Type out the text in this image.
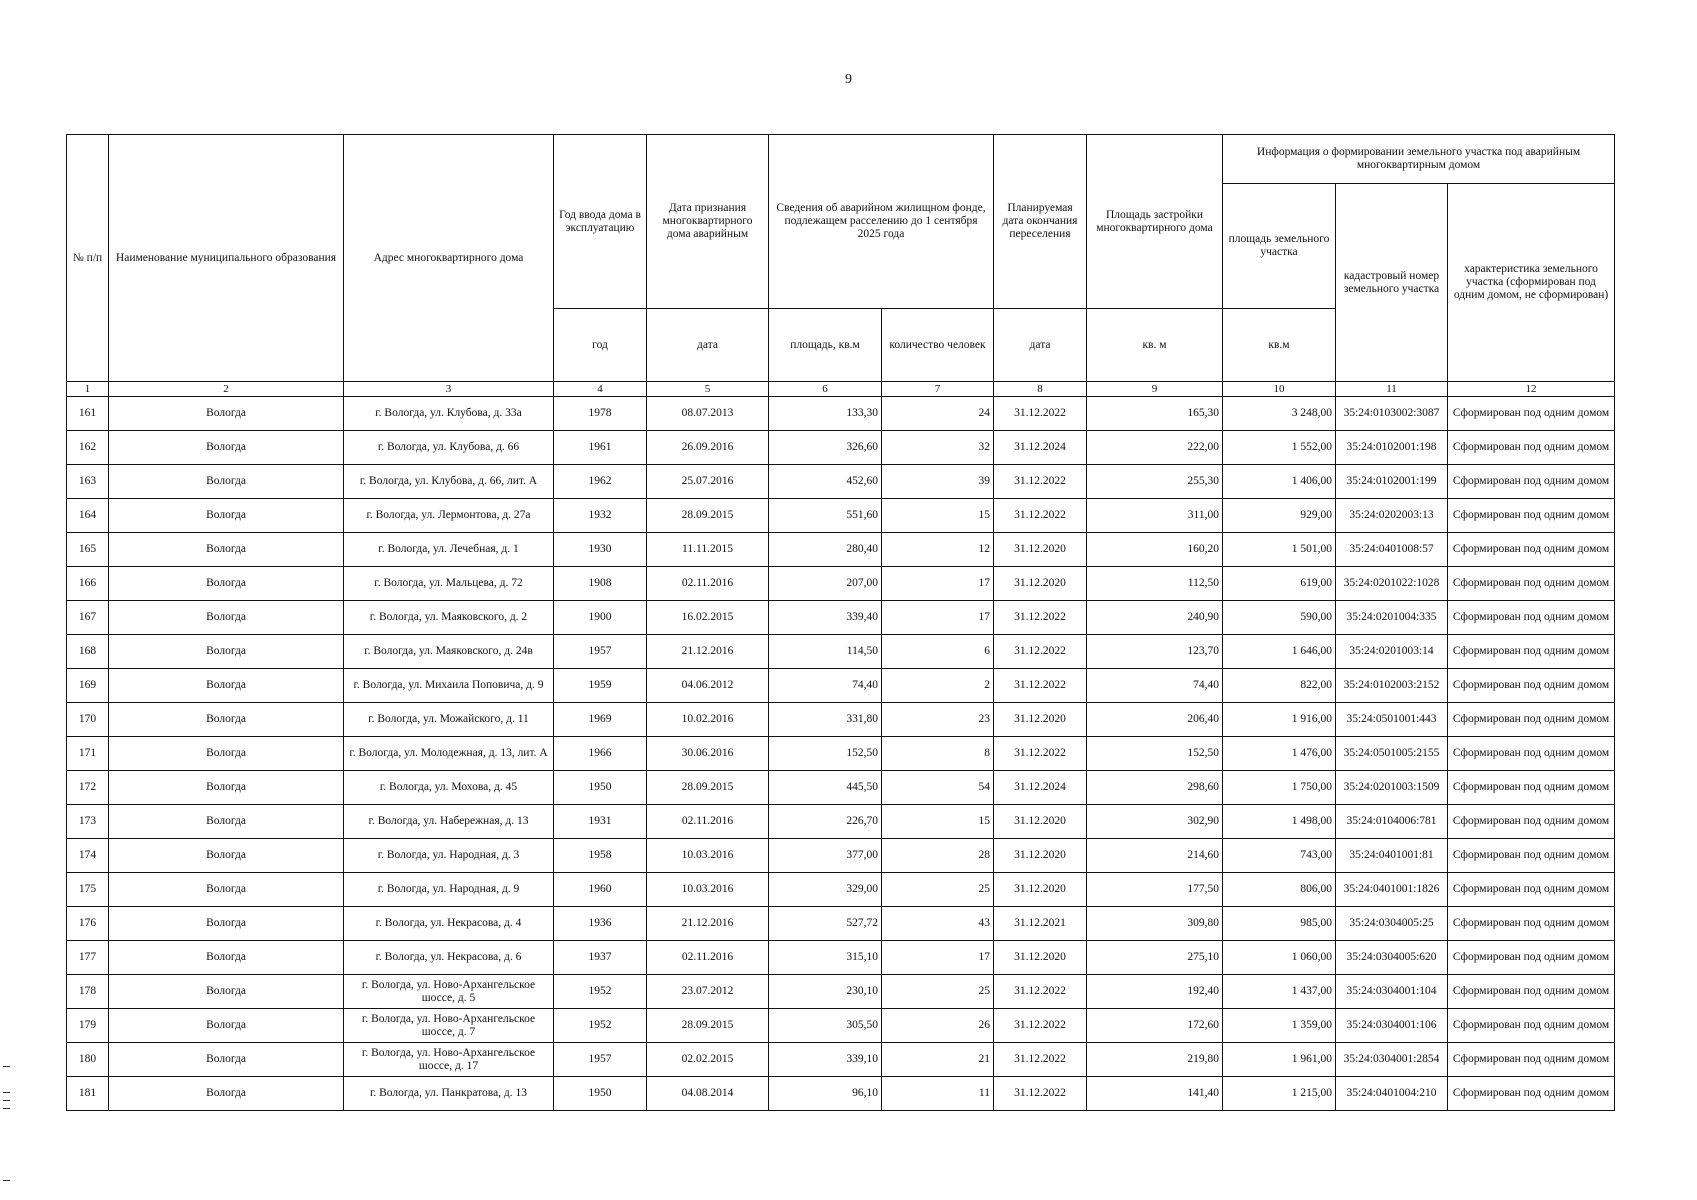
9
№ п/п	Наименование муниципального образования	Адрес многоквартирного дома	Год ввода дома в эксплуатацию	Дата признания многоквартирного дома аварийным	Сведения об аварийном жилищном фонде, подлежащем расселению до 1 сентября 2025 года		Планируемая дата окончания переселения	Площадь застройки многоквартирного дома	Информация о формировании земельного участка под аварийным многоквартирным домом		
									площадь земельного участка	кадастровый номер земельного участка	характеристика земельного участка (сформирован под одним домом, не сформирован)
			год	дата	площадь, кв.м	количество человек	дата	кв. м	кв.м		
1	2	3	4	5	6	7	8	9	10	11	12
161	Вологда	г. Вологда, ул. Клубова, д. 33а	1978	08.07.2013	133,30	24	31.12.2022	165,30	3 248,00	35:24:0103002:3087	Сформирован под одним домом
162	Вологда	г. Вологда, ул. Клубова, д. 66	1961	26.09.2016	326,60	32	31.12.2024	222,00	1 552,00	35:24:0102001:198	Сформирован под одним домом
163	Вологда	г. Вологда, ул. Клубова, д. 66, лит. А	1962	25.07.2016	452,60	39	31.12.2022	255,30	1 406,00	35:24:0102001:199	Сформирован под одним домом
164	Вологда	г. Вологда, ул. Лермонтова, д. 27а	1932	28.09.2015	551,60	15	31.12.2022	311,00	929,00	35:24:0202003:13	Сформирован под одним домом
165	Вологда	г. Вологда, ул. Лечебная, д. 1	1930	11.11.2015	280,40	12	31.12.2020	160,20	1 501,00	35:24:0401008:57	Сформирован под одним домом
166	Вологда	г. Вологда, ул. Мальцева, д. 72	1908	02.11.2016	207,00	17	31.12.2020	112,50	619,00	35:24:0201022:1028	Сформирован под одним домом
167	Вологда	г. Вологда, ул. Маяковского, д. 2	1900	16.02.2015	339,40	17	31.12.2022	240,90	590,00	35:24:0201004:335	Сформирован под одним домом
168	Вологда	г. Вологда, ул. Маяковского, д. 24в	1957	21.12.2016	114,50	6	31.12.2022	123,70	1 646,00	35:24:0201003:14	Сформирован под одним домом
169	Вологда	г. Вологда, ул. Михаила Поповича, д. 9	1959	04.06.2012	74,40	2	31.12.2022	74,40	822,00	35:24:0102003:2152	Сформирован под одним домом
170	Вологда	г. Вологда, ул. Можайского, д. 11	1969	10.02.2016	331,80	23	31.12.2020	206,40	1 916,00	35:24:0501001:443	Сформирован под одним домом
171	Вологда	г. Вологда, ул. Молодежная, д. 13, лит. А	1966	30.06.2016	152,50	8	31.12.2022	152,50	1 476,00	35:24:0501005:2155	Сформирован под одним домом
172	Вологда	г. Вологда, ул. Мохова, д. 45	1950	28.09.2015	445,50	54	31.12.2024	298,60	1 750,00	35:24:0201003:1509	Сформирован под одним домом
173	Вологда	г. Вологда, ул. Набережная, д. 13	1931	02.11.2016	226,70	15	31.12.2020	302,90	1 498,00	35:24:0104006:781	Сформирован под одним домом
174	Вологда	г. Вологда, ул. Народная, д. 3	1958	10.03.2016	377,00	28	31.12.2020	214,60	743,00	35:24:0401001:81	Сформирован под одним домом
175	Вологда	г. Вологда, ул. Народная, д. 9	1960	10.03.2016	329,00	25	31.12.2020	177,50	806,00	35:24:0401001:1826	Сформирован под одним домом
176	Вологда	г. Вологда, ул. Некрасова, д. 4	1936	21.12.2016	527,72	43	31.12.2021	309,80	985,00	35:24:0304005:25	Сформирован под одним домом
177	Вологда	г. Вологда, ул. Некрасова, д. 6	1937	02.11.2016	315,10	17	31.12.2020	275,10	1 060,00	35:24:0304005:620	Сформирован под одним домом
178	Вологда	г. Вологда, ул. Ново-Архангельское шоссе, д. 5	1952	23.07.2012	230,10	25	31.12.2022	192,40	1 437,00	35:24:0304001:104	Сформирован под одним домом
179	Вологда	г. Вологда, ул. Ново-Архангельское шоссе, д. 7	1952	28.09.2015	305,50	26	31.12.2022	172,60	1 359,00	35:24:0304001:106	Сформирован под одним домом
180	Вологда	г. Вологда, ул. Ново-Архангельское шоссе, д. 17	1957	02.02.2015	339,10	21	31.12.2022	219,80	1 961,00	35:24:0304001:2854	Сформирован под одним домом
181	Вологда	г. Вологда, ул. Панкратова, д. 13	1950	04.08.2014	96,10	11	31.12.2022	141,40	1 215,00	35:24:0401004:210	Сформирован под одним домом
